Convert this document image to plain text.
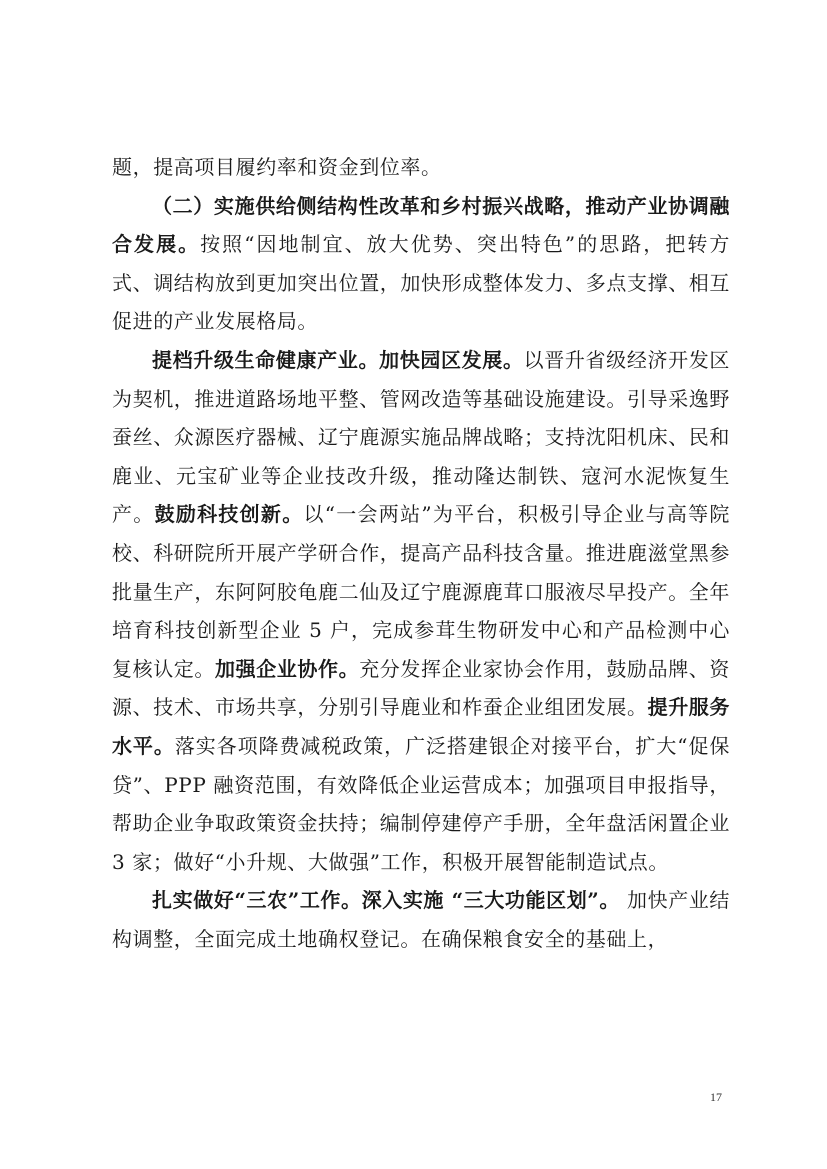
题，提高项目履约率和资金到位率。

（二）实施供给侧结构性改革和乡村振兴战略，推动产业协调融合发展。按照“因地制宜、放大优势、突出特色”的思路，把转方式、调结构放到更加突出位置，加快形成整体发力、多点支撑、相互促进的产业发展格局。

提档升级生命健康产业。加快园区发展。以晋升省级经济开发区为契机，推进道路场地平整、管网改造等基础设施建设。引导采逸野蚕丝、众源医疗器械、辽宁鹿源实施品牌战略；支持沈阳机床、民和鹿业、元宝矿业等企业技改升级，推动隆达制铁、寇河水泥恢复生产。鼓励科技创新。以“一会两站”为平台，积极引导企业与高等院校、科研院所开展产学研合作，提高产品科技含量。推进鹿滋堂黑参批量生产，东阿阿胶龟鹿二仙及辽宁鹿源鹿茸口服液尽早投产。全年培育科技创新型企业 5 户，完成参茸生物研发中心和产品检测中心复核认定。加强企业协作。充分发挥企业家协会作用，鼓励品牌、资源、技术、市场共享，分别引导鹿业和柞蚕企业组团发展。提升服务水平。落实各项降费减税政策，广泛搭建银企对接平台，扩大“促保贷”、PPP 融资范围，有效降低企业运营成本；加强项目申报指导，帮助企业争取政策资金扶持；编制停建停产手册，全年盘活闲置企业 3 家；做好“小升规、大做强”工作，积极开展智能制造试点。

扎实做好“三农”工作。深入实施 “三大功能区划”。 加快产业结构调整，全面完成土地确权登记。在确保粮食安全的基础上，

17
